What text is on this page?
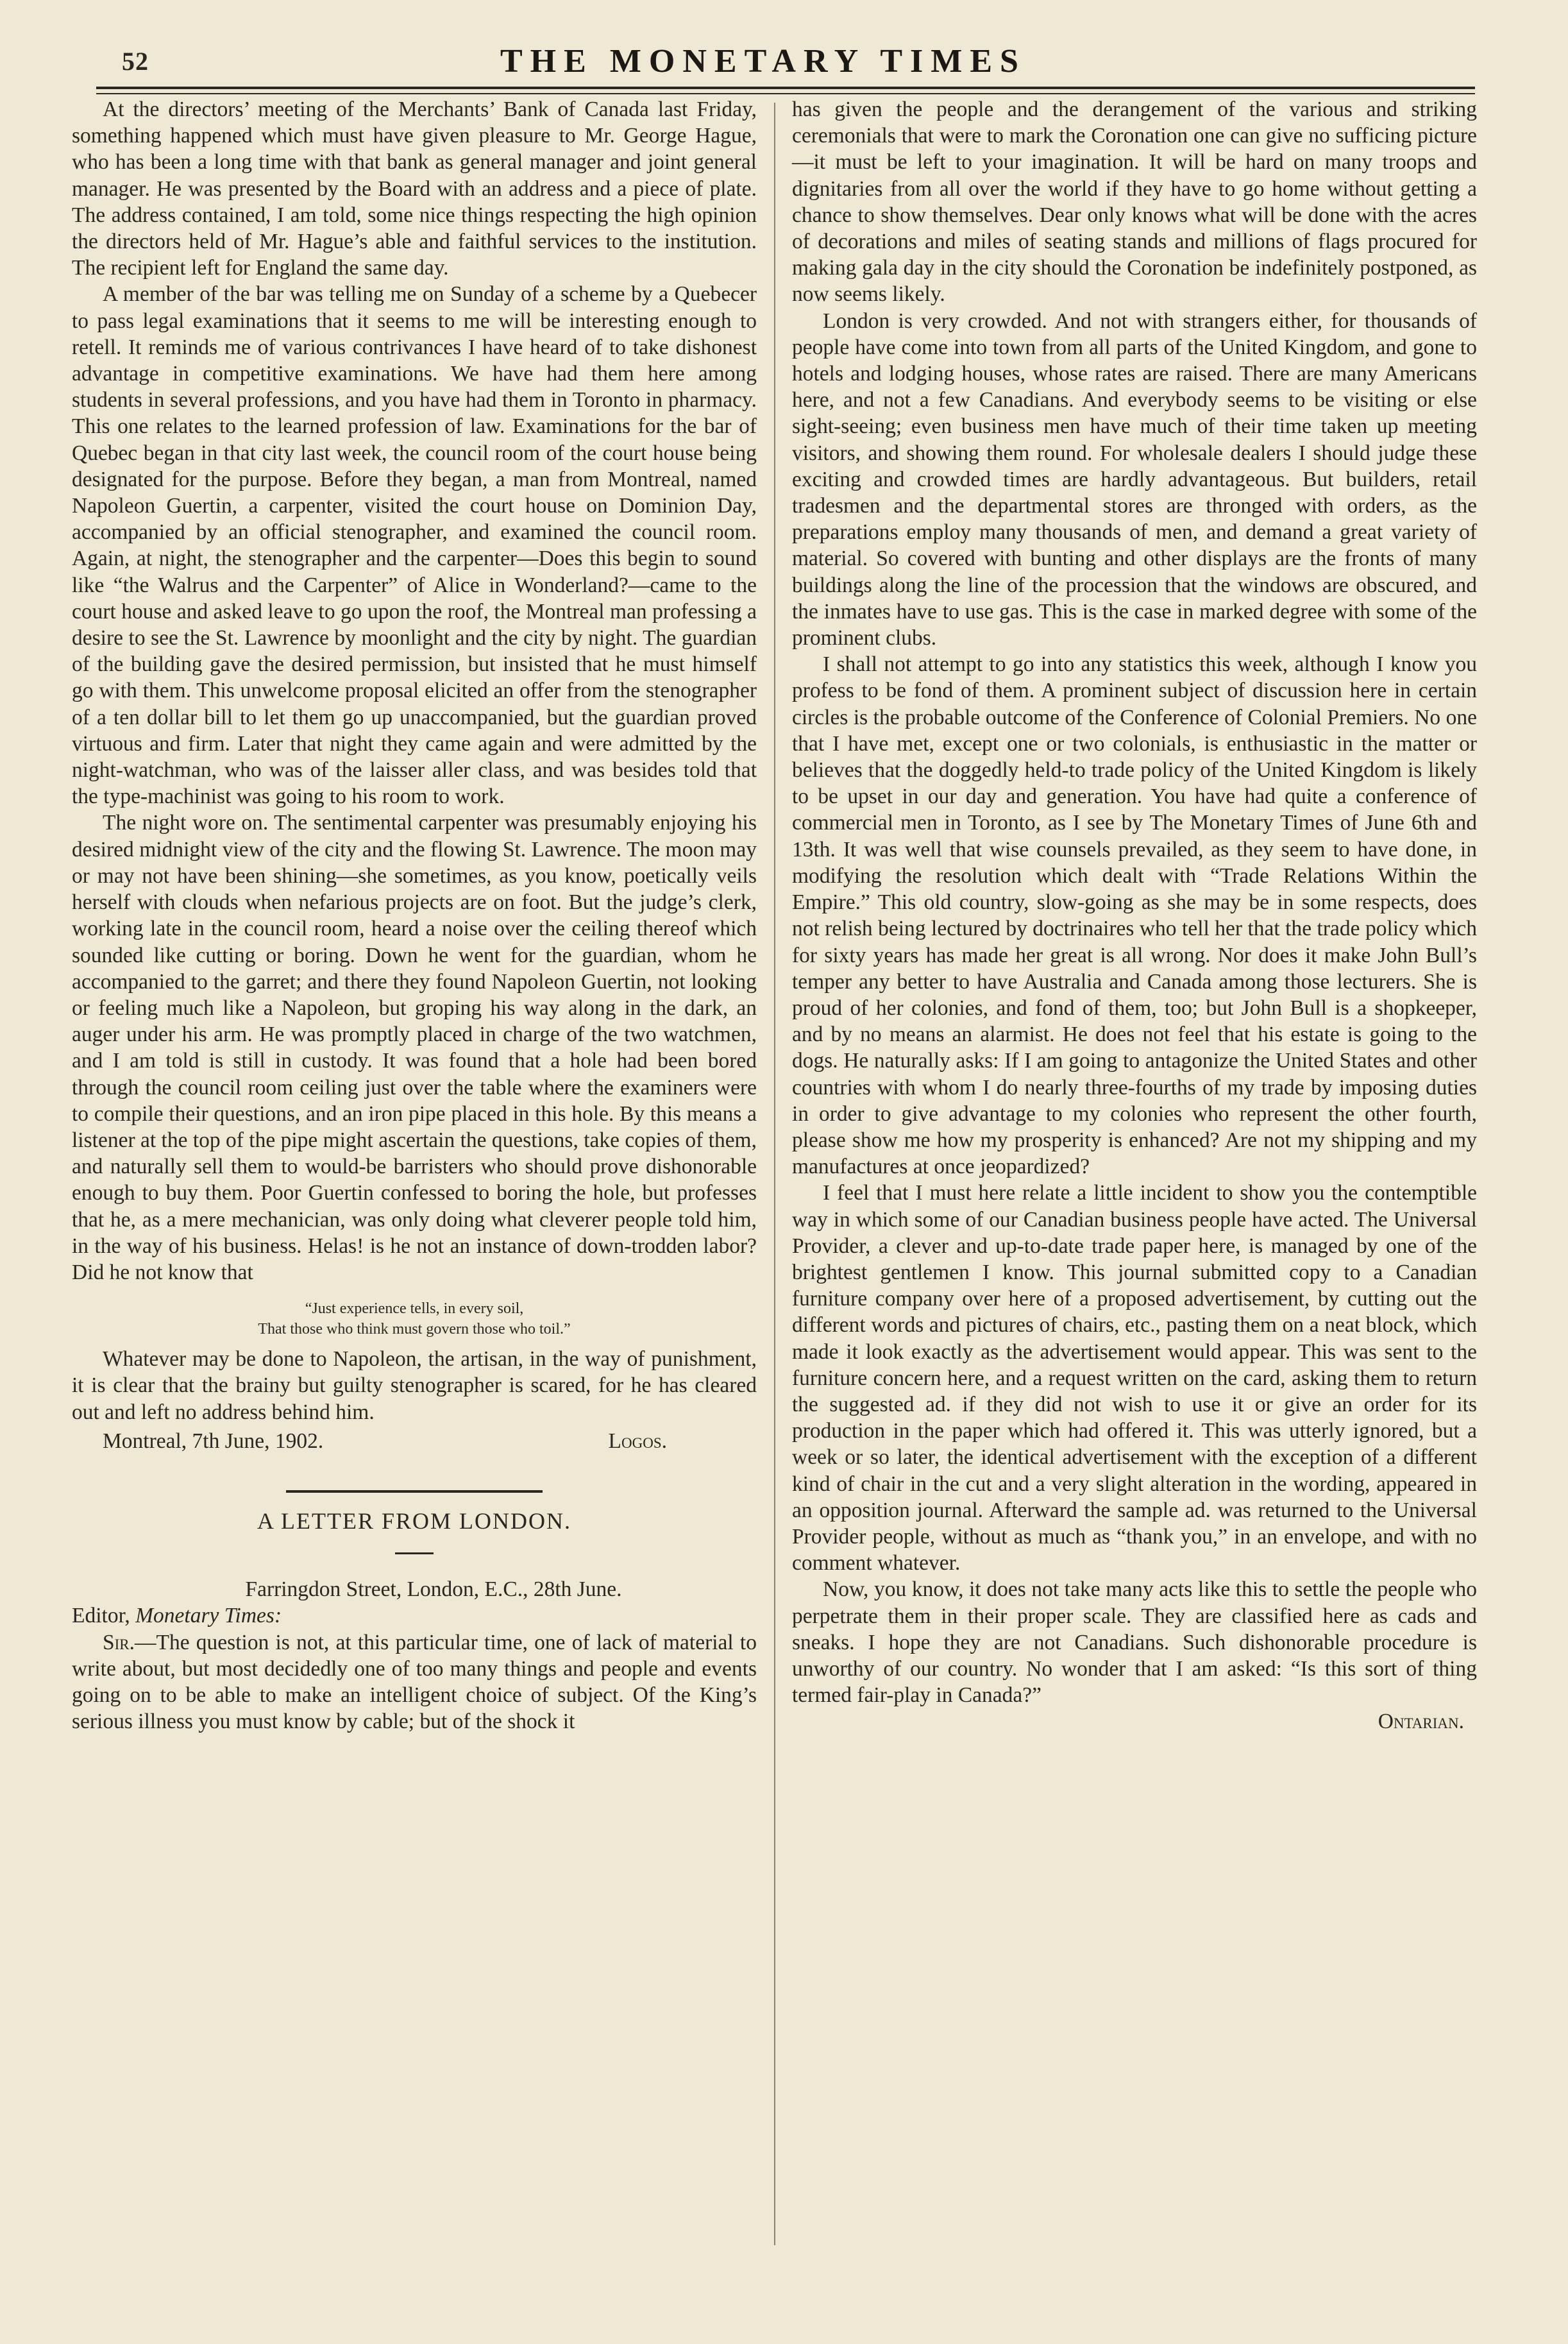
52	THE MONETARY TIMES

At the directors’ meeting of the Merchants’ Bank of Canada last Friday, something happened which must have given pleasure to Mr. George Hague, who has been a long time with that bank as general manager and joint general manager. He was presented by the Board with an address and a piece of plate. The address contained, I am told, some nice things respecting the high opinion the directors held of Mr. Hague’s able and faithful services to the institution. The recipient left for England the same day.

A member of the bar was telling me on Sunday of a scheme by a Quebecer to pass legal examinations that it seems to me will be interesting enough to retell. It reminds me of various contrivances I have heard of to take dishonest advantage in competitive examinations. We have had them here among students in several professions, and you have had them in Toronto in pharmacy. This one relates to the learned profession of law. Examinations for the bar of Quebec began in that city last week, the council room of the court house being designated for the purpose. Before they began, a man from Montreal, named Napoleon Guertin, a carpenter, visited the court house on Dominion Day, accompanied by an official stenographer, and examined the council room. Again, at night, the stenographer and the carpenter—Does this begin to sound like “the Walrus and the Carpenter” of Alice in Wonderland?—came to the court house and asked leave to go upon the roof, the Montreal man professing a desire to see the St. Lawrence by moonlight and the city by night. The guardian of the building gave the desired permission, but insisted that he must himself go with them. This unwelcome proposal elicited an offer from the stenographer of a ten dollar bill to let them go up unaccompanied, but the guardian proved virtuous and firm. Later that night they came again and were admitted by the night-watchman, who was of the laisser aller class, and was besides told that the type-machinist was going to his room to work.

The night wore on. The sentimental carpenter was presumably enjoying his desired midnight view of the city and the flowing St. Lawrence. The moon may or may not have been shining—she sometimes, as you know, poetically veils herself with clouds when nefarious projects are on foot. But the judge’s clerk, working late in the council room, heard a noise over the ceiling thereof which sounded like cutting or boring. Down he went for the guardian, whom he accompanied to the garret; and there they found Napoleon Guertin, not looking or feeling much like a Napoleon, but groping his way along in the dark, an auger under his arm. He was promptly placed in charge of the two watchmen, and I am told is still in custody. It was found that a hole had been bored through the council room ceiling just over the table where the examiners were to compile their questions, and an iron pipe placed in this hole. By this means a listener at the top of the pipe might ascertain the questions, take copies of them, and naturally sell them to would-be barristers who should prove dishonorable enough to buy them. Poor Guertin confessed to boring the hole, but professes that he, as a mere mechanician, was only doing what cleverer people told him, in the way of his business. Helas! is he not an instance of down-trodden labor? Did he not know that

“Just experience tells, in every soil,
That those who think must govern those who toil.”

Whatever may be done to Napoleon, the artisan, in the way of punishment, it is clear that the brainy but guilty stenographer is scared, for he has cleared out and left no address behind him.

Montreal, 7th June, 1902.	Logos.
A LETTER FROM LONDON.
Farringdon Street, London, E.C., 28th June.
Editor, Monetary Times:

Sir.—The question is not, at this particular time, one of lack of material to write about, but most decidedly one of too many things and people and events going on to be able to make an intelligent choice of subject. Of the King’s serious illness you must know by cable; but of the shock it

has given the people and the derangement of the various and striking ceremonials that were to mark the Coronation one can give no sufficing picture—it must be left to your imagination. It will be hard on many troops and dignitaries from all over the world if they have to go home without getting a chance to show themselves. Dear only knows what will be done with the acres of decorations and miles of seating stands and millions of flags procured for making gala day in the city should the Coronation be indefinitely postponed, as now seems likely.

London is very crowded. And not with strangers either, for thousands of people have come into town from all parts of the United Kingdom, and gone to hotels and lodging houses, whose rates are raised. There are many Americans here, and not a few Canadians. And everybody seems to be visiting or else sight-seeing; even business men have much of their time taken up meeting visitors, and showing them round. For wholesale dealers I should judge these exciting and crowded times are hardly advantageous. But builders, retail tradesmen and the departmental stores are thronged with orders, as the preparations employ many thousands of men, and demand a great variety of material. So covered with bunting and other displays are the fronts of many buildings along the line of the procession that the windows are obscured, and the inmates have to use gas. This is the case in marked degree with some of the prominent clubs.

I shall not attempt to go into any statistics this week, although I know you profess to be fond of them. A prominent subject of discussion here in certain circles is the probable outcome of the Conference of Colonial Premiers. No one that I have met, except one or two colonials, is enthusiastic in the matter or believes that the doggedly held-to trade policy of the United Kingdom is likely to be upset in our day and generation. You have had quite a conference of commercial men in Toronto, as I see by The Monetary Times of June 6th and 13th. It was well that wise counsels prevailed, as they seem to have done, in modifying the resolution which dealt with “Trade Relations Within the Empire.” This old country, slow-going as she may be in some respects, does not relish being lectured by doctrinaires who tell her that the trade policy which for sixty years has made her great is all wrong. Nor does it make John Bull’s temper any better to have Australia and Canada among those lecturers. She is proud of her colonies, and fond of them, too; but John Bull is a shopkeeper, and by no means an alarmist. He does not feel that his estate is going to the dogs. He naturally asks: If I am going to antagonize the United States and other countries with whom I do nearly three-fourths of my trade by imposing duties in order to give advantage to my colonies who represent the other fourth, please show me how my prosperity is enhanced? Are not my shipping and my manufactures at once jeopardized?

I feel that I must here relate a little incident to show you the contemptible way in which some of our Canadian business people have acted. The Universal Provider, a clever and up-to-date trade paper here, is managed by one of the brightest gentlemen I know. This journal submitted copy to a Canadian furniture company over here of a proposed advertisement, by cutting out the different words and pictures of chairs, etc., pasting them on a neat block, which made it look exactly as the advertisement would appear. This was sent to the furniture concern here, and a request written on the card, asking them to return the suggested ad. if they did not wish to use it or give an order for its production in the paper which had offered it. This was utterly ignored, but a week or so later, the identical advertisement with the exception of a different kind of chair in the cut and a very slight alteration in the wording, appeared in an opposition journal. Afterward the sample ad. was returned to the Universal Provider people, without as much as “thank you,” in an envelope, and with no comment whatever.

Now, you know, it does not take many acts like this to settle the people who perpetrate them in their proper scale. They are classified here as cads and sneaks. I hope they are not Canadians. Such dishonorable procedure is unworthy of our country. No wonder that I am asked: “Is this sort of thing termed fair-play in Canada?”

Ontarian.
